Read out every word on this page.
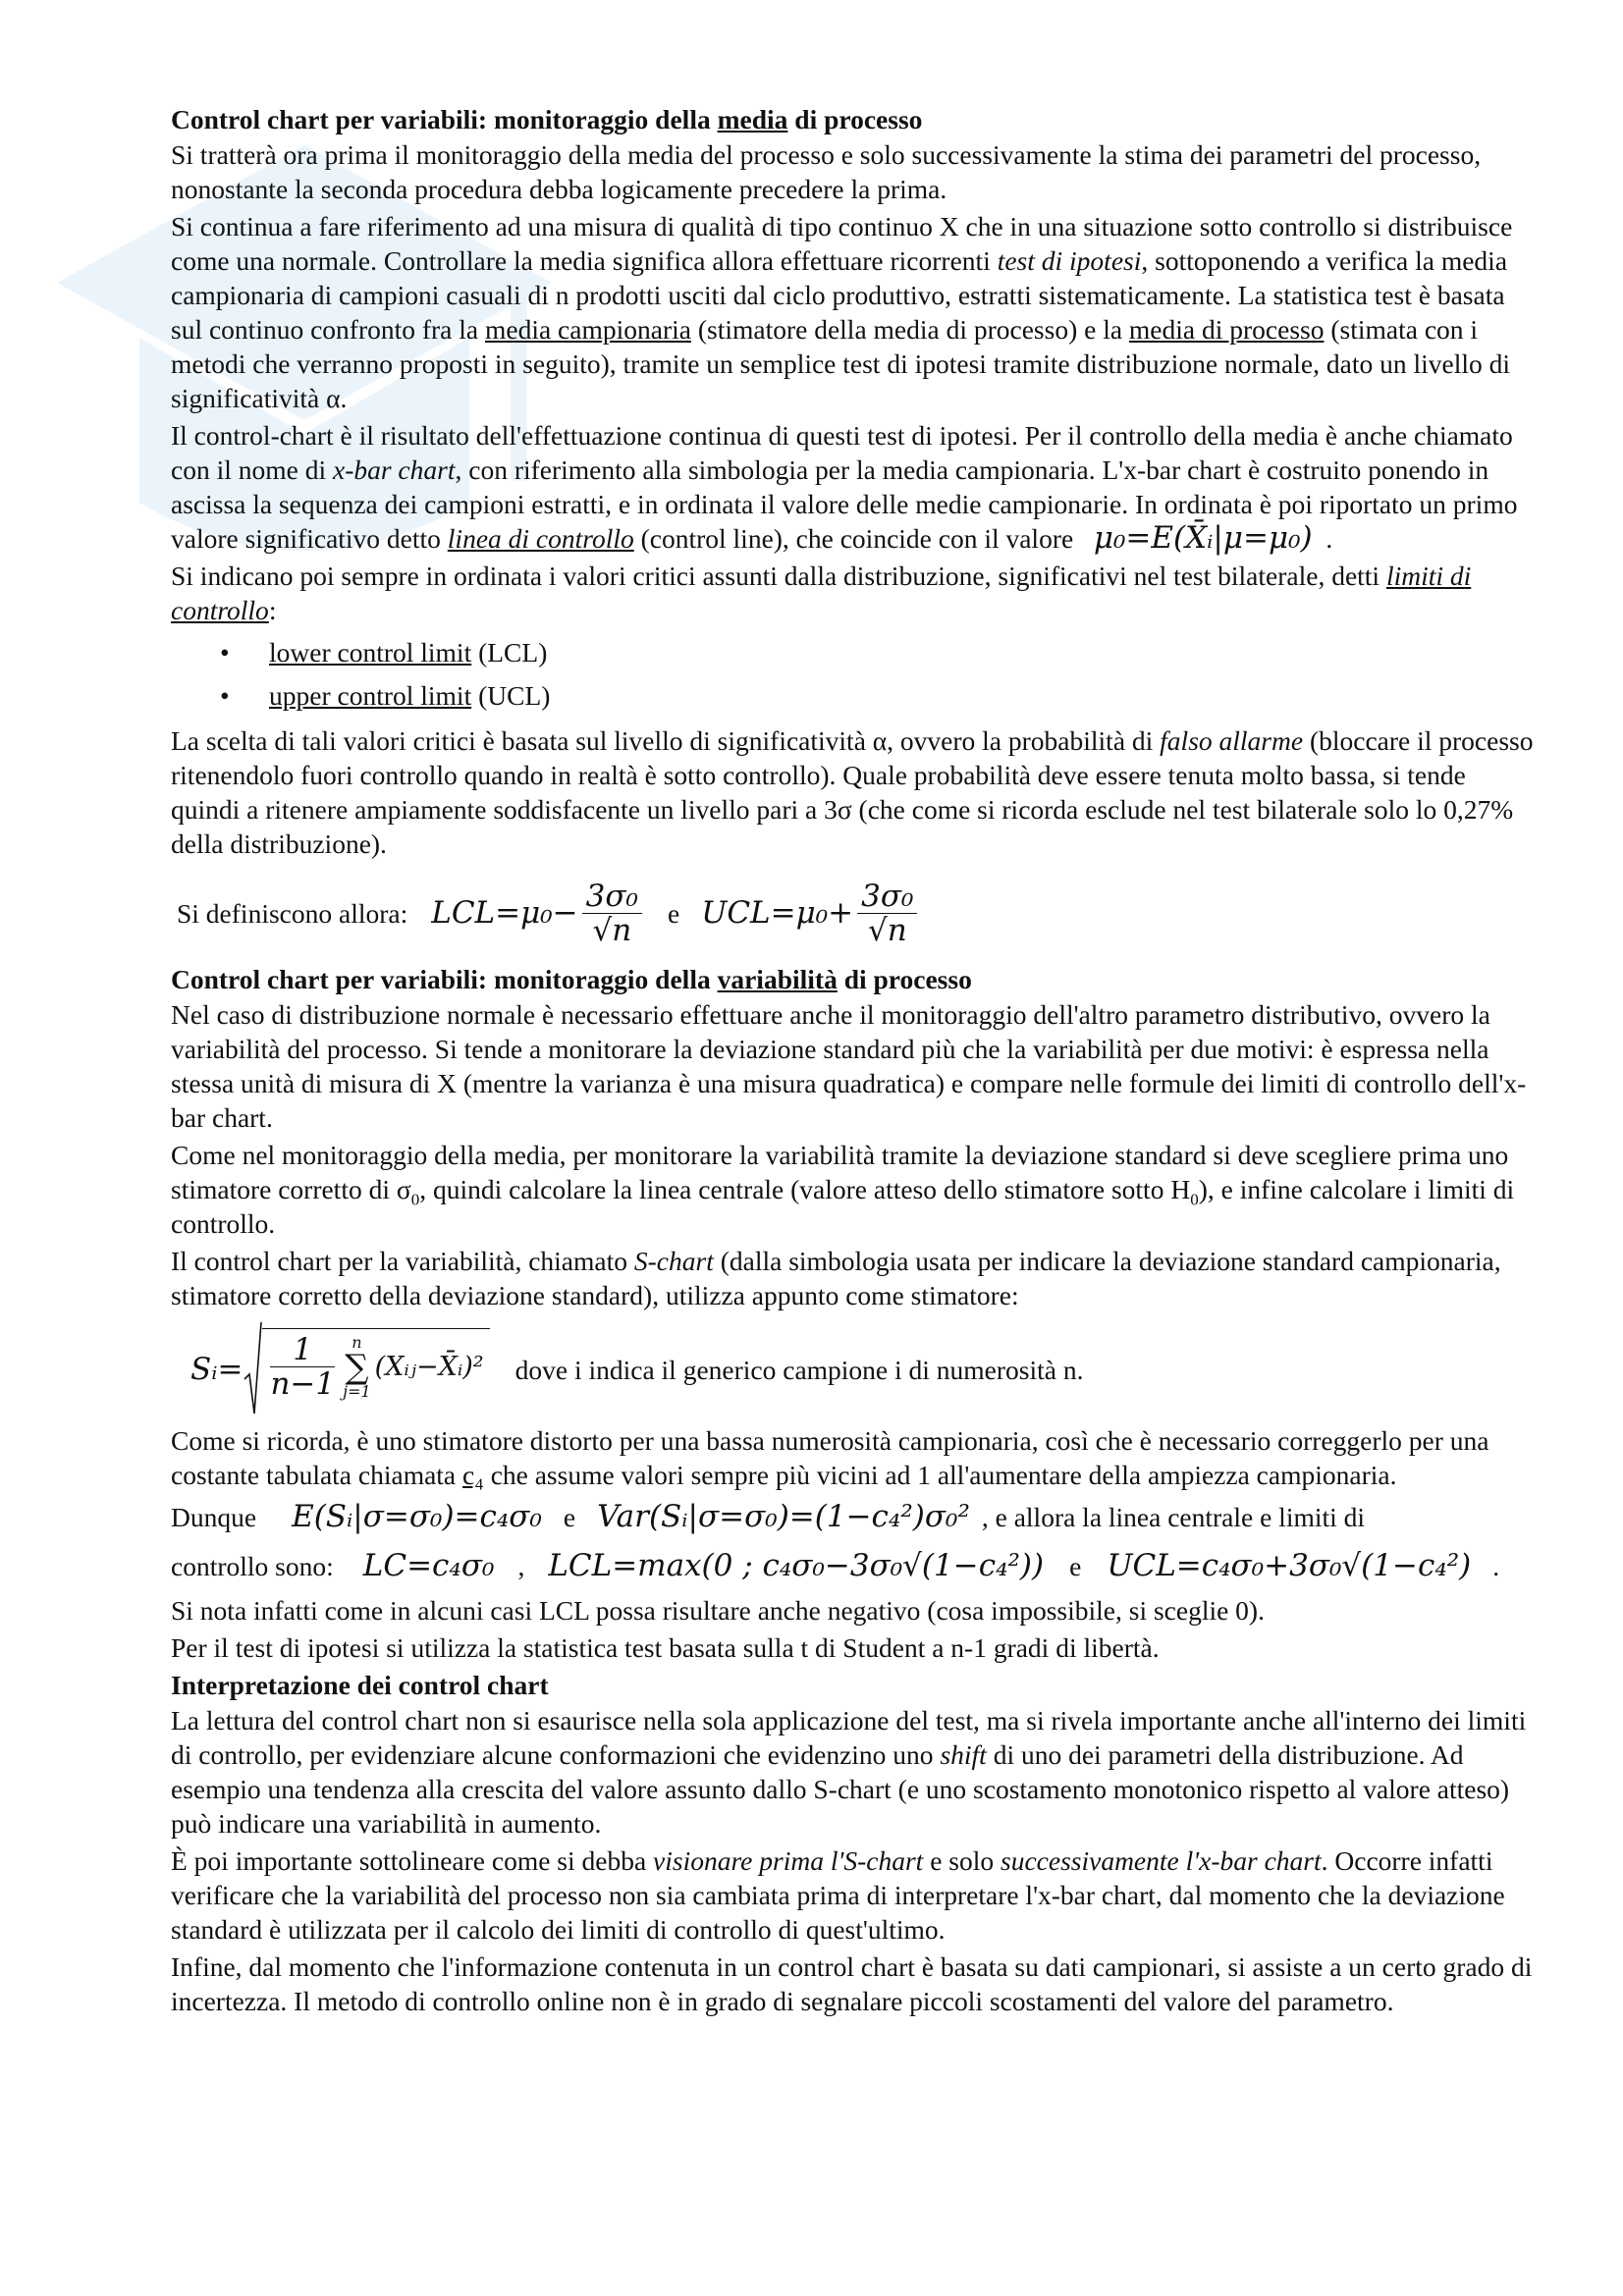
Control chart per variabili: monitoraggio della media di processo

Si tratterà ora prima il monitoraggio della media del processo e solo successivamente la stima dei parametri del processo, nonostante la seconda procedura debba logicamente precedere la prima.

Si continua a fare riferimento ad una misura di qualità di tipo continuo X che in una situazione sotto controllo si distribuisce come una normale. Controllare la media significa allora effettuare ricorrenti test di ipotesi, sottoponendo a verifica la media campionaria di campioni casuali di n prodotti usciti dal ciclo produttivo, estratti sistematicamente. La statistica test è basata sul continuo confronto fra la media campionaria (stimatore della media di processo) e la media di processo (stimata con i metodi che verranno proposti in seguito), tramite un semplice test di ipotesi tramite distribuzione normale, dato un livello di significatività α.

Il control-chart è il risultato dell'effettuazione continua di questi test di ipotesi. Per il controllo della media è anche chiamato con il nome di x-bar chart, con riferimento alla simbologia per la media campionaria. L'x-bar chart è costruito ponendo in ascissa la sequenza dei campioni estratti, e in ordinata il valore delle medie campionarie. In ordinata è poi riportato un primo valore significativo detto linea di controllo (control line), che coincide con il valore μ₀=E(X̄ᵢ|μ=μ₀) .

Si indicano poi sempre in ordinata i valori critici assunti dalla distribuzione, significativi nel test bilaterale, detti limiti di controllo:

• lower control limit (LCL)
• upper control limit (UCL)

La scelta di tali valori critici è basata sul livello di significatività α, ovvero la probabilità di falso allarme (bloccare il processo ritenendolo fuori controllo quando in realtà è sotto controllo). Quale probabilità deve essere tenuta molto bassa, si tende quindi a ritenere ampiamente soddisfacente un livello pari a 3σ (che come si ricorda esclude nel test bilaterale solo lo 0,27% della distribuzione).

Si definiscono allora: $LCL=\mu_0- \frac{\text{3σ₀}}{√n}$ e $UCL=\mu_0+ \frac{\text{3σ₀}}{√n}$
Control chart per variabili: monitoraggio della variabilità di processo

Nel caso di distribuzione normale è necessario effettuare anche il monitoraggio dell'altro parametro distributivo, ovvero la variabilità del processo. Si tende a monitorare la deviazione standard più che la variabilità per due motivi: è espressa nella stessa unità di misura di X (mentre la varianza è una misura quadratica) e compare nelle formule dei limiti di controllo dell'x-bar chart.

Come nel monitoraggio della media, per monitorare la variabilità tramite la deviazione standard si deve scegliere prima uno stimatore corretto di $\sigma_0$, quindi calcolare la linea centrale (valore atteso dello stimatore sotto $H_0$), e infine calcolare i limiti di controllo.

Il control chart per la variabilità, chiamato S-chart (dalla simbologia usata per indicare la deviazione standard campionaria, stimatore corretto della deviazione standard), utilizza appunto come stimatore:

Sᵢ= $\frac{1}{n-1}$ n
∑
j=1
(Xᵢⱼ−X̄ᵢ)² dove i indica il generico campione i di numerosità n.

Come si ricorda, è uno stimatore distorto per una bassa numerosità campionaria, così che è necessario correggerlo per una costante tabulata chiamata c₄ che assume valori sempre più vicini ad 1 all'aumentare della ampiezza campionaria.

Dunque E(Sᵢ|σ=σ₀)=c₄σ₀ e Var(Sᵢ|σ=σ₀)=(1−c₄²)σ₀² , e allora la linea centrale e limiti di
controllo sono: LC=c₄σ₀ , LCL=max(0 ; c₄σ₀−3σ₀√(1−c₄²)) e UCL=c₄σ₀+3σ₀√(1−c₄²) .

Si nota infatti come in alcuni casi LCL possa risultare anche negativo (cosa impossibile, si sceglie 0).

Per il test di ipotesi si utilizza la statistica test basata sulla t di Student a n-1 gradi di libertà.

Interpretazione dei control chart

La lettura del control chart non si esaurisce nella sola applicazione del test, ma si rivela importante anche all'interno dei limiti di controllo, per evidenziare alcune conformazioni che evidenzino uno shift di uno dei parametri della distribuzione. Ad esempio una tendenza alla crescita del valore assunto dallo S-chart (e uno scostamento monotonico rispetto al valore atteso) può indicare una variabilità in aumento.

È poi importante sottolineare come si debba visionare prima l'S-chart e solo successivamente l'x-bar chart. Occorre infatti verificare che la variabilità del processo non sia cambiata prima di interpretare l'x-bar chart, dal momento che la deviazione standard è utilizzata per il calcolo dei limiti di controllo di quest'ultimo.

Infine, dal momento che l'informazione contenuta in un control chart è basata su dati campionari, si assiste a un certo grado di incertezza. Il metodo di controllo online non è in grado di segnalare piccoli scostamenti del valore del parametro.
